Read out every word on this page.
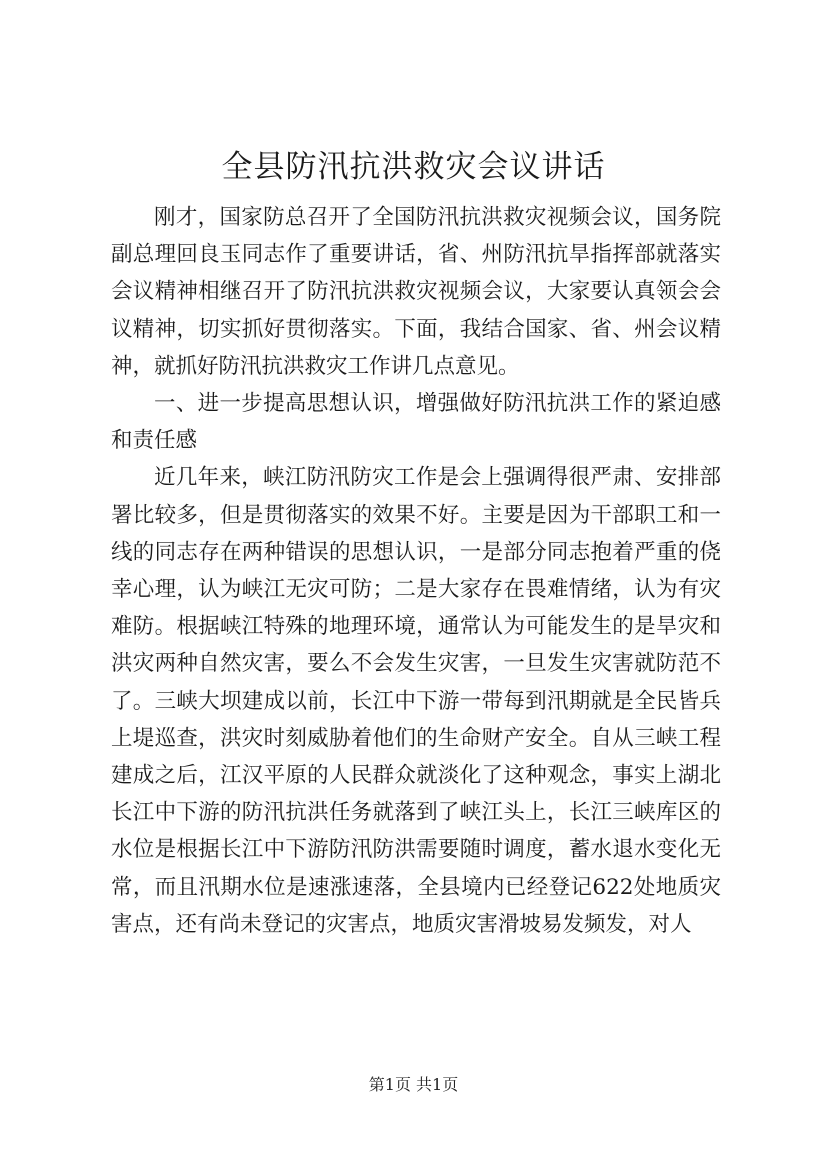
全县防汛抗洪救灾会议讲话

刚才，国家防总召开了全国防汛抗洪救灾视频会议，国务院副总理回良玉同志作了重要讲话，省、州防汛抗旱指挥部就落实会议精神相继召开了防汛抗洪救灾视频会议，大家要认真领会会议精神，切实抓好贯彻落实。下面，我结合国家、省、州会议精神，就抓好防汛抗洪救灾工作讲几点意见。

一、进一步提高思想认识，增强做好防汛抗洪工作的紧迫感和责任感

近几年来，峡江防汛防灾工作是会上强调得很严肃、安排部署比较多，但是贯彻落实的效果不好。主要是因为干部职工和一线的同志存在两种错误的思想认识，一是部分同志抱着严重的侥幸心理，认为峡江无灾可防；二是大家存在畏难情绪，认为有灾难防。根据峡江特殊的地理环境，通常认为可能发生的是旱灾和洪灾两种自然灾害，要么不会发生灾害，一旦发生灾害就防范不了。三峡大坝建成以前，长江中下游一带每到汛期就是全民皆兵上堤巡查，洪灾时刻威胁着他们的生命财产安全。自从三峡工程建成之后，江汉平原的人民群众就淡化了这种观念，事实上湖北长江中下游的防汛抗洪任务就落到了峡江头上，长江三峡库区的水位是根据长江中下游防汛防洪需要随时调度，蓄水退水变化无常，而且汛期水位是速涨速落，全县境内已经登记622处地质灾害点，还有尚未登记的灾害点，地质灾害滑坡易发频发，对人

第1页 共1页
